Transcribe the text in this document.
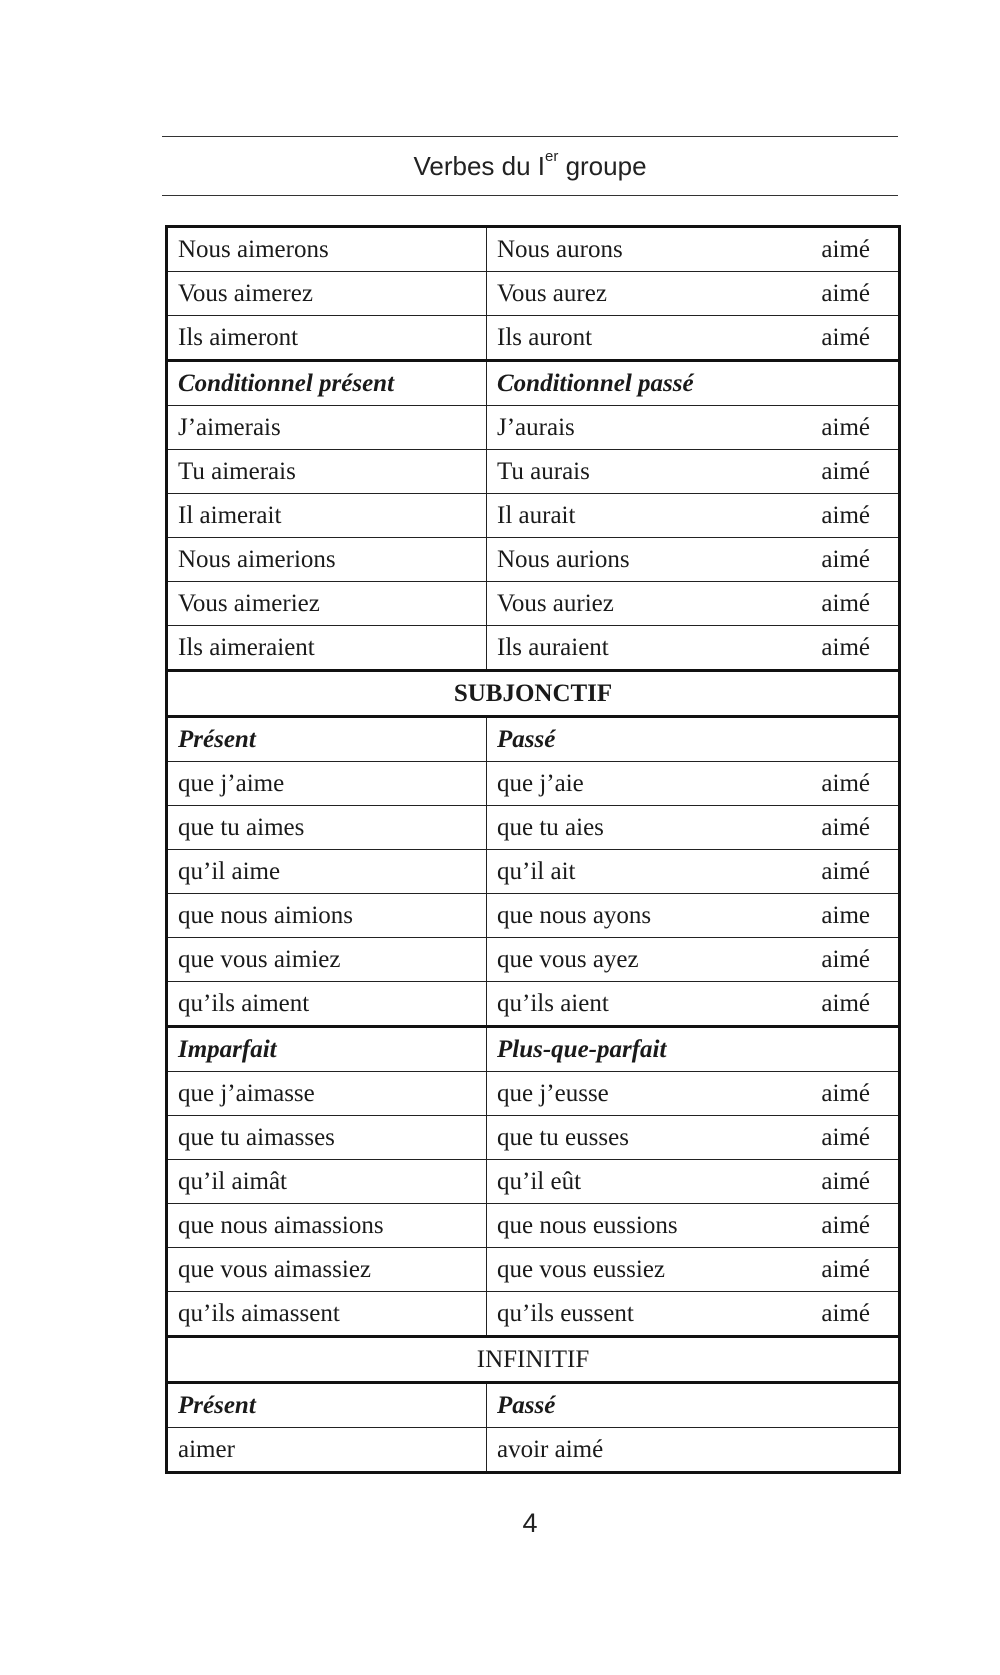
Verbes du Ier groupe
Nous aimerons	Nous aurons	aimé
Vous aimerez	Vous aurez	aimé
Ils aimeront	Ils auront	aimé
Conditionnel présent	Conditionnel passé	
J’aimerais	J’aurais	aimé
Tu aimerais	Tu aurais	aimé
Il aimerait	Il aurait	aimé
Nous aimerions	Nous aurions	aimé
Vous aimeriez	Vous auriez	aimé
Ils aimeraient	Ils auraient	aimé
SUBJONCTIF		
Présent	Passé	
que j’aime	que j’aie	aimé
que tu aimes	que tu aies	aimé
qu’il aime	qu’il ait	aimé
que nous aimions	que nous ayons	aime
que vous aimiez	que vous ayez	aimé
qu’ils aiment	qu’ils aient	aimé
Imparfait	Plus-que-parfait	
que j’aimasse	que j’eusse	aimé
que tu aimasses	que tu eusses	aimé
qu’il aimât	qu’il eût	aimé
que nous aimassions	que nous eussions	aimé
que vous aimassiez	que vous eussiez	aimé
qu’ils aimassent	qu’ils eussent	aimé
INFINITIF		
Présent	Passé	
aimer	avoir aimé	
4
